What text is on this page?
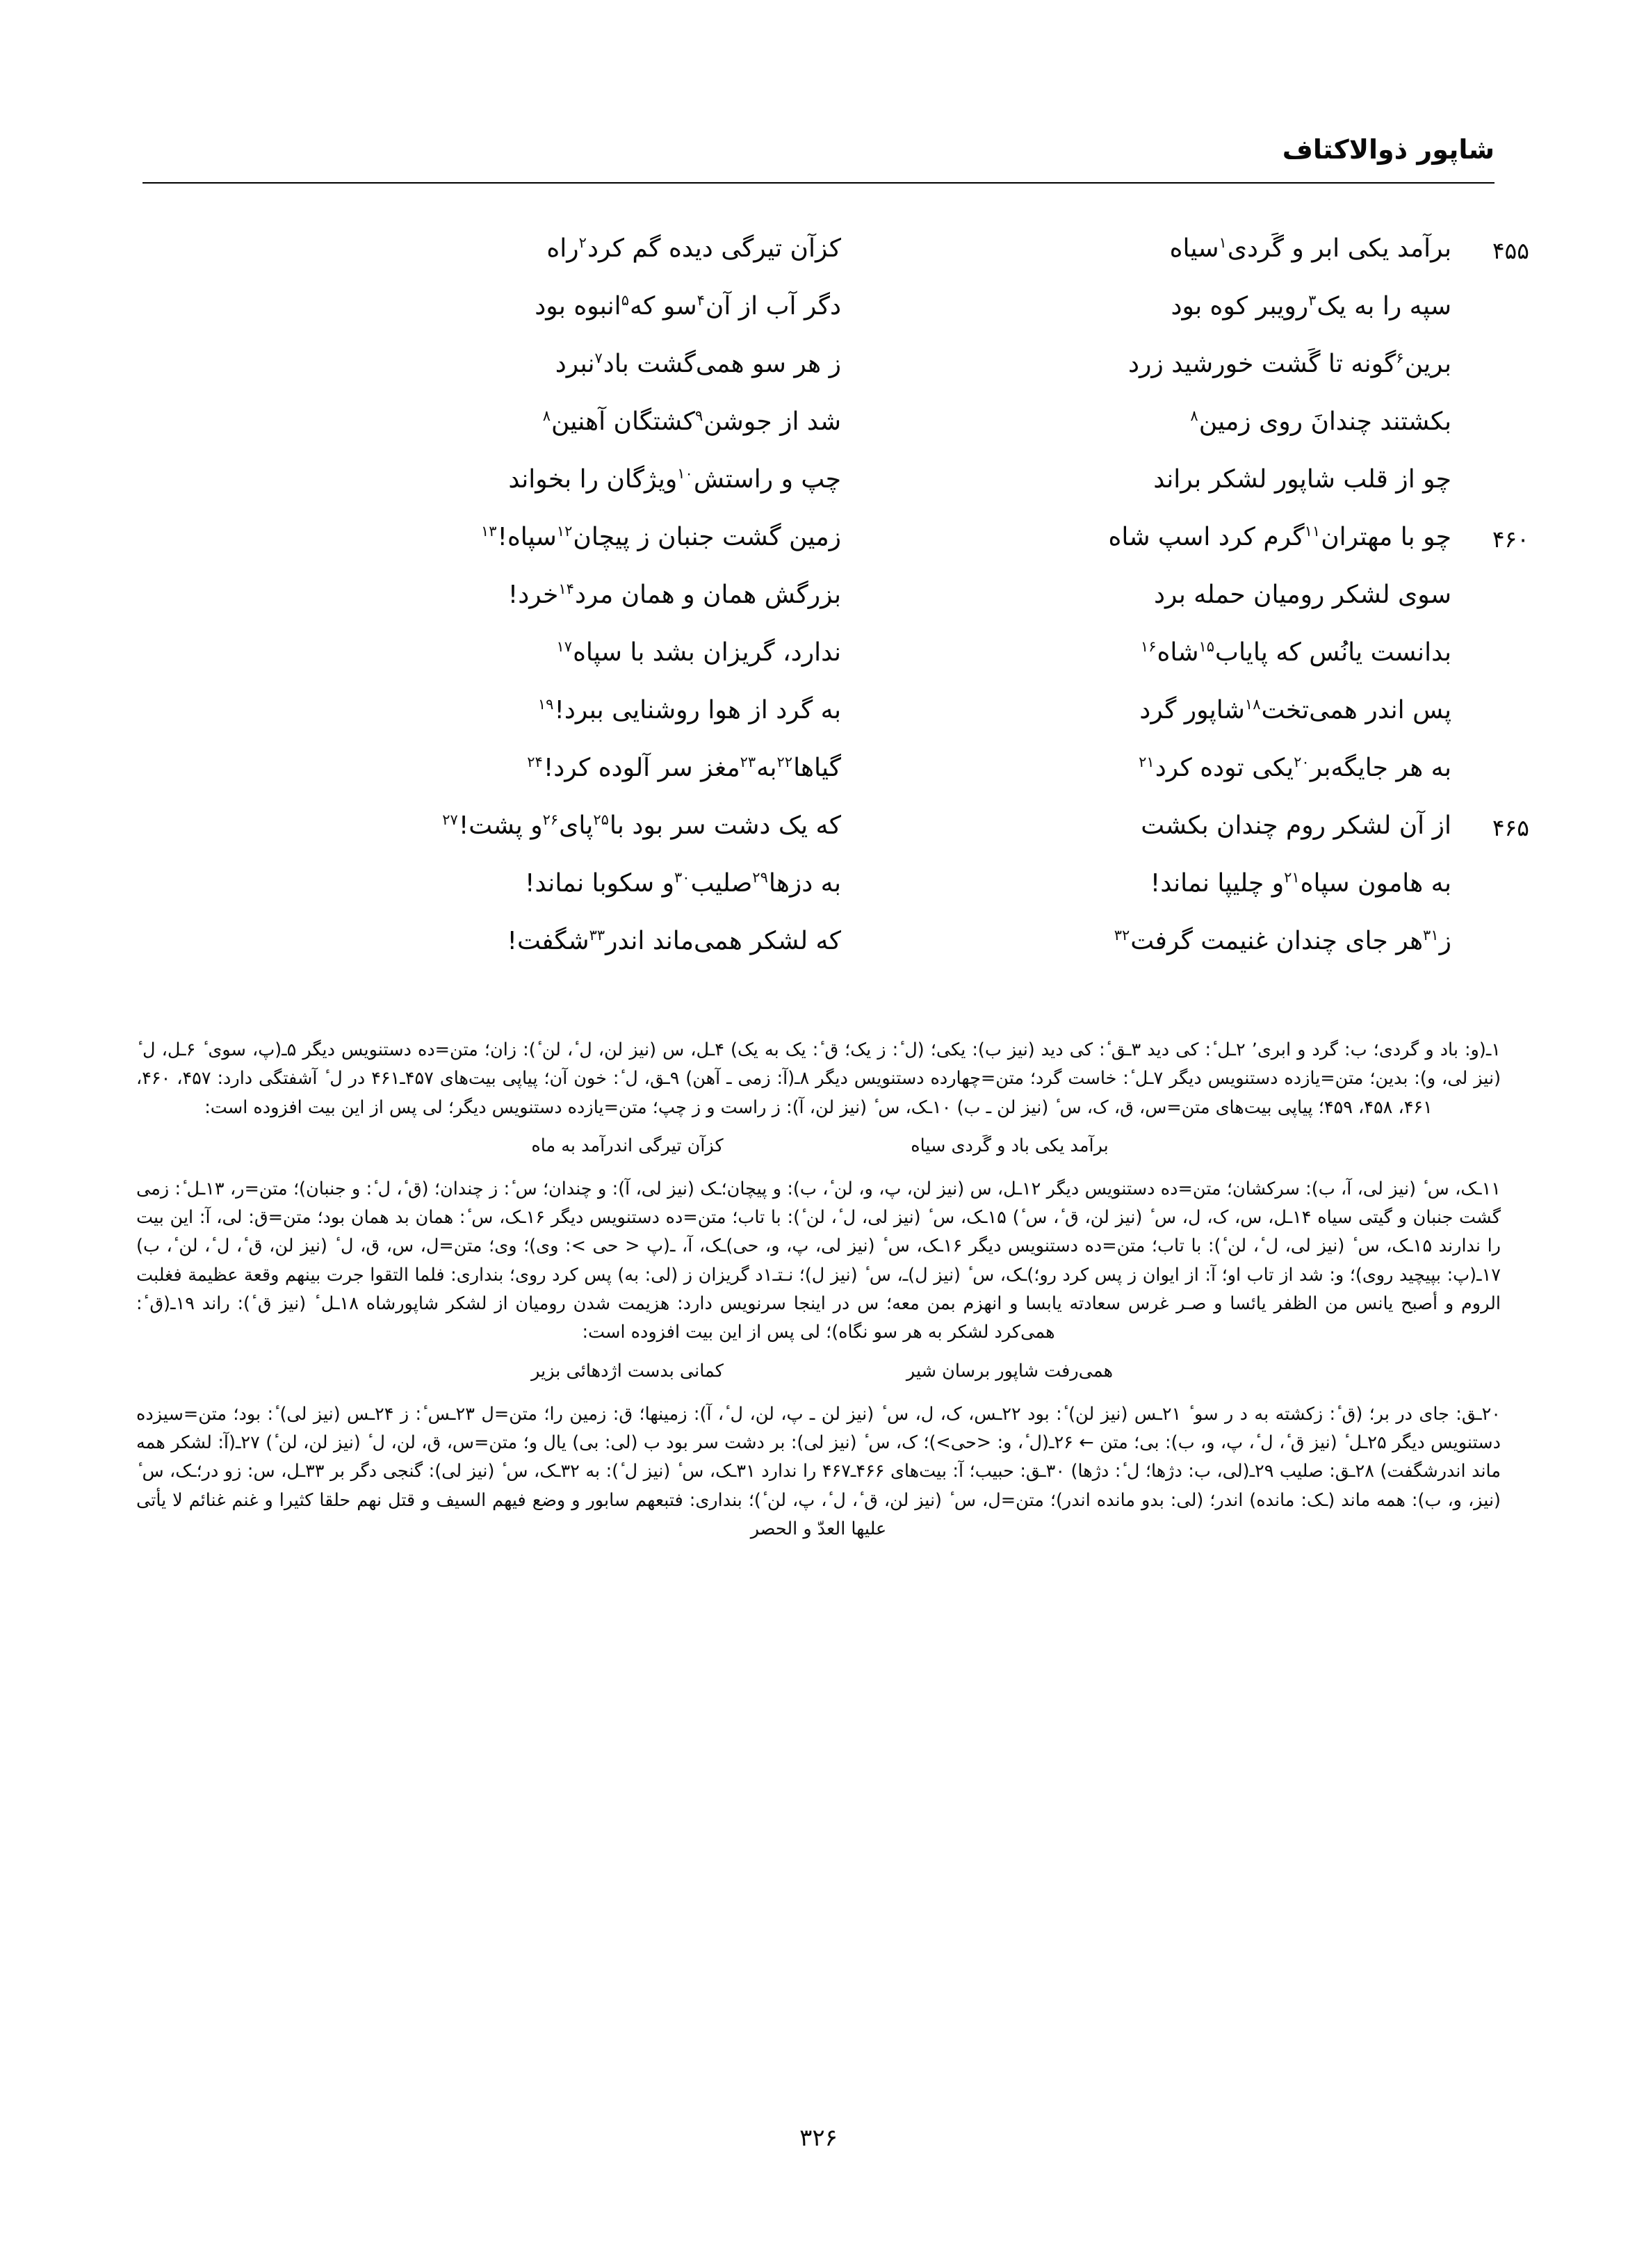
شاپور ذوالاکتاف
۴۵۵
برآمد یکی ابر و گَردی$^۱$سیاه
کزآن تیرگی دیده گم کرد$^۲$راه
سپه را به یک$^۳$رویبر کوه بود
دگر آب از آن$^۴$سو که$^۵$انبوه بود
برین$^۶$گونه تا گَشت خورشید زرد
ز هر سو همی‌گشت باد$^۷$نبرد
بکشتند چندانَ روی زمین$^۸$
شد از جوشن$^۹$کشتگان آهنین$^۸$
چو از قلب شاپور لشکر براند
چپ و راستش$^{۱۰}$ویژگان را بخواند
۴۶۰
چو با مهتران$^{۱۱}$گرم کرد اسپ شاه
زمین گشت جنبان ز پیچان$^{۱۲}$سپاه!$^{۱۳}$
سوی لشکر رومیان حمله برد
بزرگش همان و همان مرد$^{۱۴}$خرد!
بدانست یانُس که پایاب$^{۱۵}$شاه$^{۱۶}$
ندارد، گریزان بشد با سپاه$^{۱۷}$
پس اندر همی‌تخت$^{۱۸}$شاپور گرد
به گرد از هوا روشنایی ببرد!$^{۱۹}$
به هر جایگه‌بر$^{۲۰}$یکی توده کرد$^{۲۱}$
گیاها$^{۲۲}$به$^{۲۳}$مغز سر آلوده کرد!$^{۲۴}$
۴۶۵
از آن لشکر روم چندان بکشت
که یک دشت سر بود با$^{۲۵}$پای$^{۲۶}$و پشت!$^{۲۷}$
به هامون سپاه$^{۲۱}$و چلیپا نماند!
به دزها$^{۲۹}$صلیب$^{۳۰}$و سکوبا نماند!
ز$^{۳۱}$هر جای چندان غنیمت گرفت$^{۳۲}$
که لشکر همی‌ماند اندر$^{۳۳}$شگفت!

۱ـ(و: باد و گردی؛ ب: گرد و ابری٬ ۲ـل ٔ: کی دید ۳ـق ٔ: کی دید (نیز ب): یکی؛ (ل ٔ: ز یک؛ ق ٔ: یک به یک) ۴ـل، س (نیز لن، ل ٔ، لن ٔ): زان؛ متن=ده دستنویس دیگر ۵ـ(پ، سوی ٔ ۶ـل، ل ٔ (نیز لی، و): بدین؛ متن=یازده دستنویس دیگر ۷ـل ٔ: خاست گرد؛ متن=چهارده دستنویس دیگر ۸ـ(آ: زمی ـ آهن) ۹ـق، ل ٔ: خون آن؛ پیاپی بیت‌های ۴۵۷ـ۴۶۱ در ل ٔ آشفتگی دارد: ۴۵۷، ۴۶۰، ۴۶۱، ۴۵۸، ۴۵۹؛ پیاپی بیت‌های متن=س، ق، ک، س ٔ (نیز لن ـ ب) ۱۰ـک، س ٔ (نیز لن، آ): ز راست و ز چپ؛ متن=یازده دستنویس دیگر؛ لی پس از این بیت افزوده است:

برآمد یکی باد و گَردی سیاهکزآن تیرگی اندرآمد به ماه

۱۱ـک، س ٔ (نیز لی، آ، ب): سرکشان؛ متن=ده دستنویس دیگر ۱۲ـل، س (نیز لن، پ، و، لن ٔ، ب): و پیچان؛ـک (نیز لی، آ): و چندان؛ س ٔ: ز چندان؛ (ق ٔ، ل ٔ: و جنبان)؛ متن=ر، ۱۳ـل ٔ: زمی گشت جنبان و گیتی سیاه ۱۴ـل، س، ک، ل، س ٔ (نیز لن، ق ٔ، س ٔ) ۱۵ـک، س ٔ (نیز لی، ل ٔ، لن ٔ): با تاب؛ متن=ده دستنویس دیگر ۱۶ـک، س ٔ: همان بد همان بود؛ متن=ق: لی، آ: این بیت را ندارند ۱۵ـک، س ٔ (نیز لی، ل ٔ، لن ٔ): با تاب؛ متن=ده دستنویس دیگر ۱۶ـک، س ٔ (نیز لی، پ، و، حی)ـک، آ، ـ(پ < حی >: وی)؛ وی؛ متن=ل، س، ق، ل ٔ (نیز لن، ق ٔ، ل ٔ، لن ٔ، ب) ۱۷ـ(پ: بپیچید روی)؛ و: شد از تاب او؛ آ: از ایوان ز پس کرد رو؛)ـک، س ٔ (نیز ل)ـ، س ٔ (نیز ل)؛ نـتـ۱د گریزان ز (لی: به) پس کرد روی؛ بنداری: فلما التقوا جرت بینهم وقعة عظیمة فغلبت الروم و أصبح یانس من الظفر یائسا و صـر غرس سعادته یابسا و انهزم بمن معه؛ س در اینجا سرنویس دارد: هزیمت شدن رومیان از لشکر شاپورشاه ۱۸ـل ٔ (نیز ق ٔ): راند ۱۹ـ(ق ٔ: همی‌کرد لشکر به هر سو نگاه)؛ لی پس از این بیت افزوده است:

همی‌رفت شاپور برسان شیرکمانی بدست اژدهائی بزیر

۲۰ـق: جای در بر؛ (ق ٔ: زکشته به د ر سو ٔ ۲۱ـس (نیز لن) ٔ: بود ۲۲ـس، ک، ل، س ٔ (نیز لن ـ پ، لن، ل ٔ، آ): زمینها؛ ق: زمین را؛ متن=ل ۲۳ـس ٔ: ز ۲۴ـس (نیز لی) ٔ: بود؛ متن=سیزده دستنویس دیگر ۲۵ـل ٔ (نیز ق ٔ، ل ٔ، پ، و، ب): بی؛ متن ← ۲۶ـ(ل ٔ، و: <حی>)؛ ک، س ٔ (نیز لی): بر دشت سر بود ب (لی: بی) یال و؛ متن=س، ق، لن، ل ٔ (نیز لن، لن ٔ) ۲۷ـ(آ: لشکر همه ماند اندرشگفت) ۲۸ـق: صلیب ۲۹ـ(لی، ب: دژها؛ ل ٔ: دژها) ۳۰ـق: حبیب؛ آ: بیت‌های ۴۶۶ـ۴۶۷ را ندارد ۳۱ـک، س ٔ (نیز ل ٔ): به ۳۲ـک، س ٔ (نیز لی): گنجی دگر بر ۳۳ـل، س: زو در؛ـک، س ٔ (نیز، و، ب): همه ماند (ـک: مانده) اندر؛ (لی: بدو مانده اندر)؛ متن=ل، س ٔ (نیز لن، ق ٔ، ل ٔ، پ، لن ٔ)؛ بنداری: فتبعهم سابور و وضع فیهم السیف و قتل نهم حلقا کثیرا و غنم غنائم لا یأتی علیها العدّ و الحصر

۳۲۶
